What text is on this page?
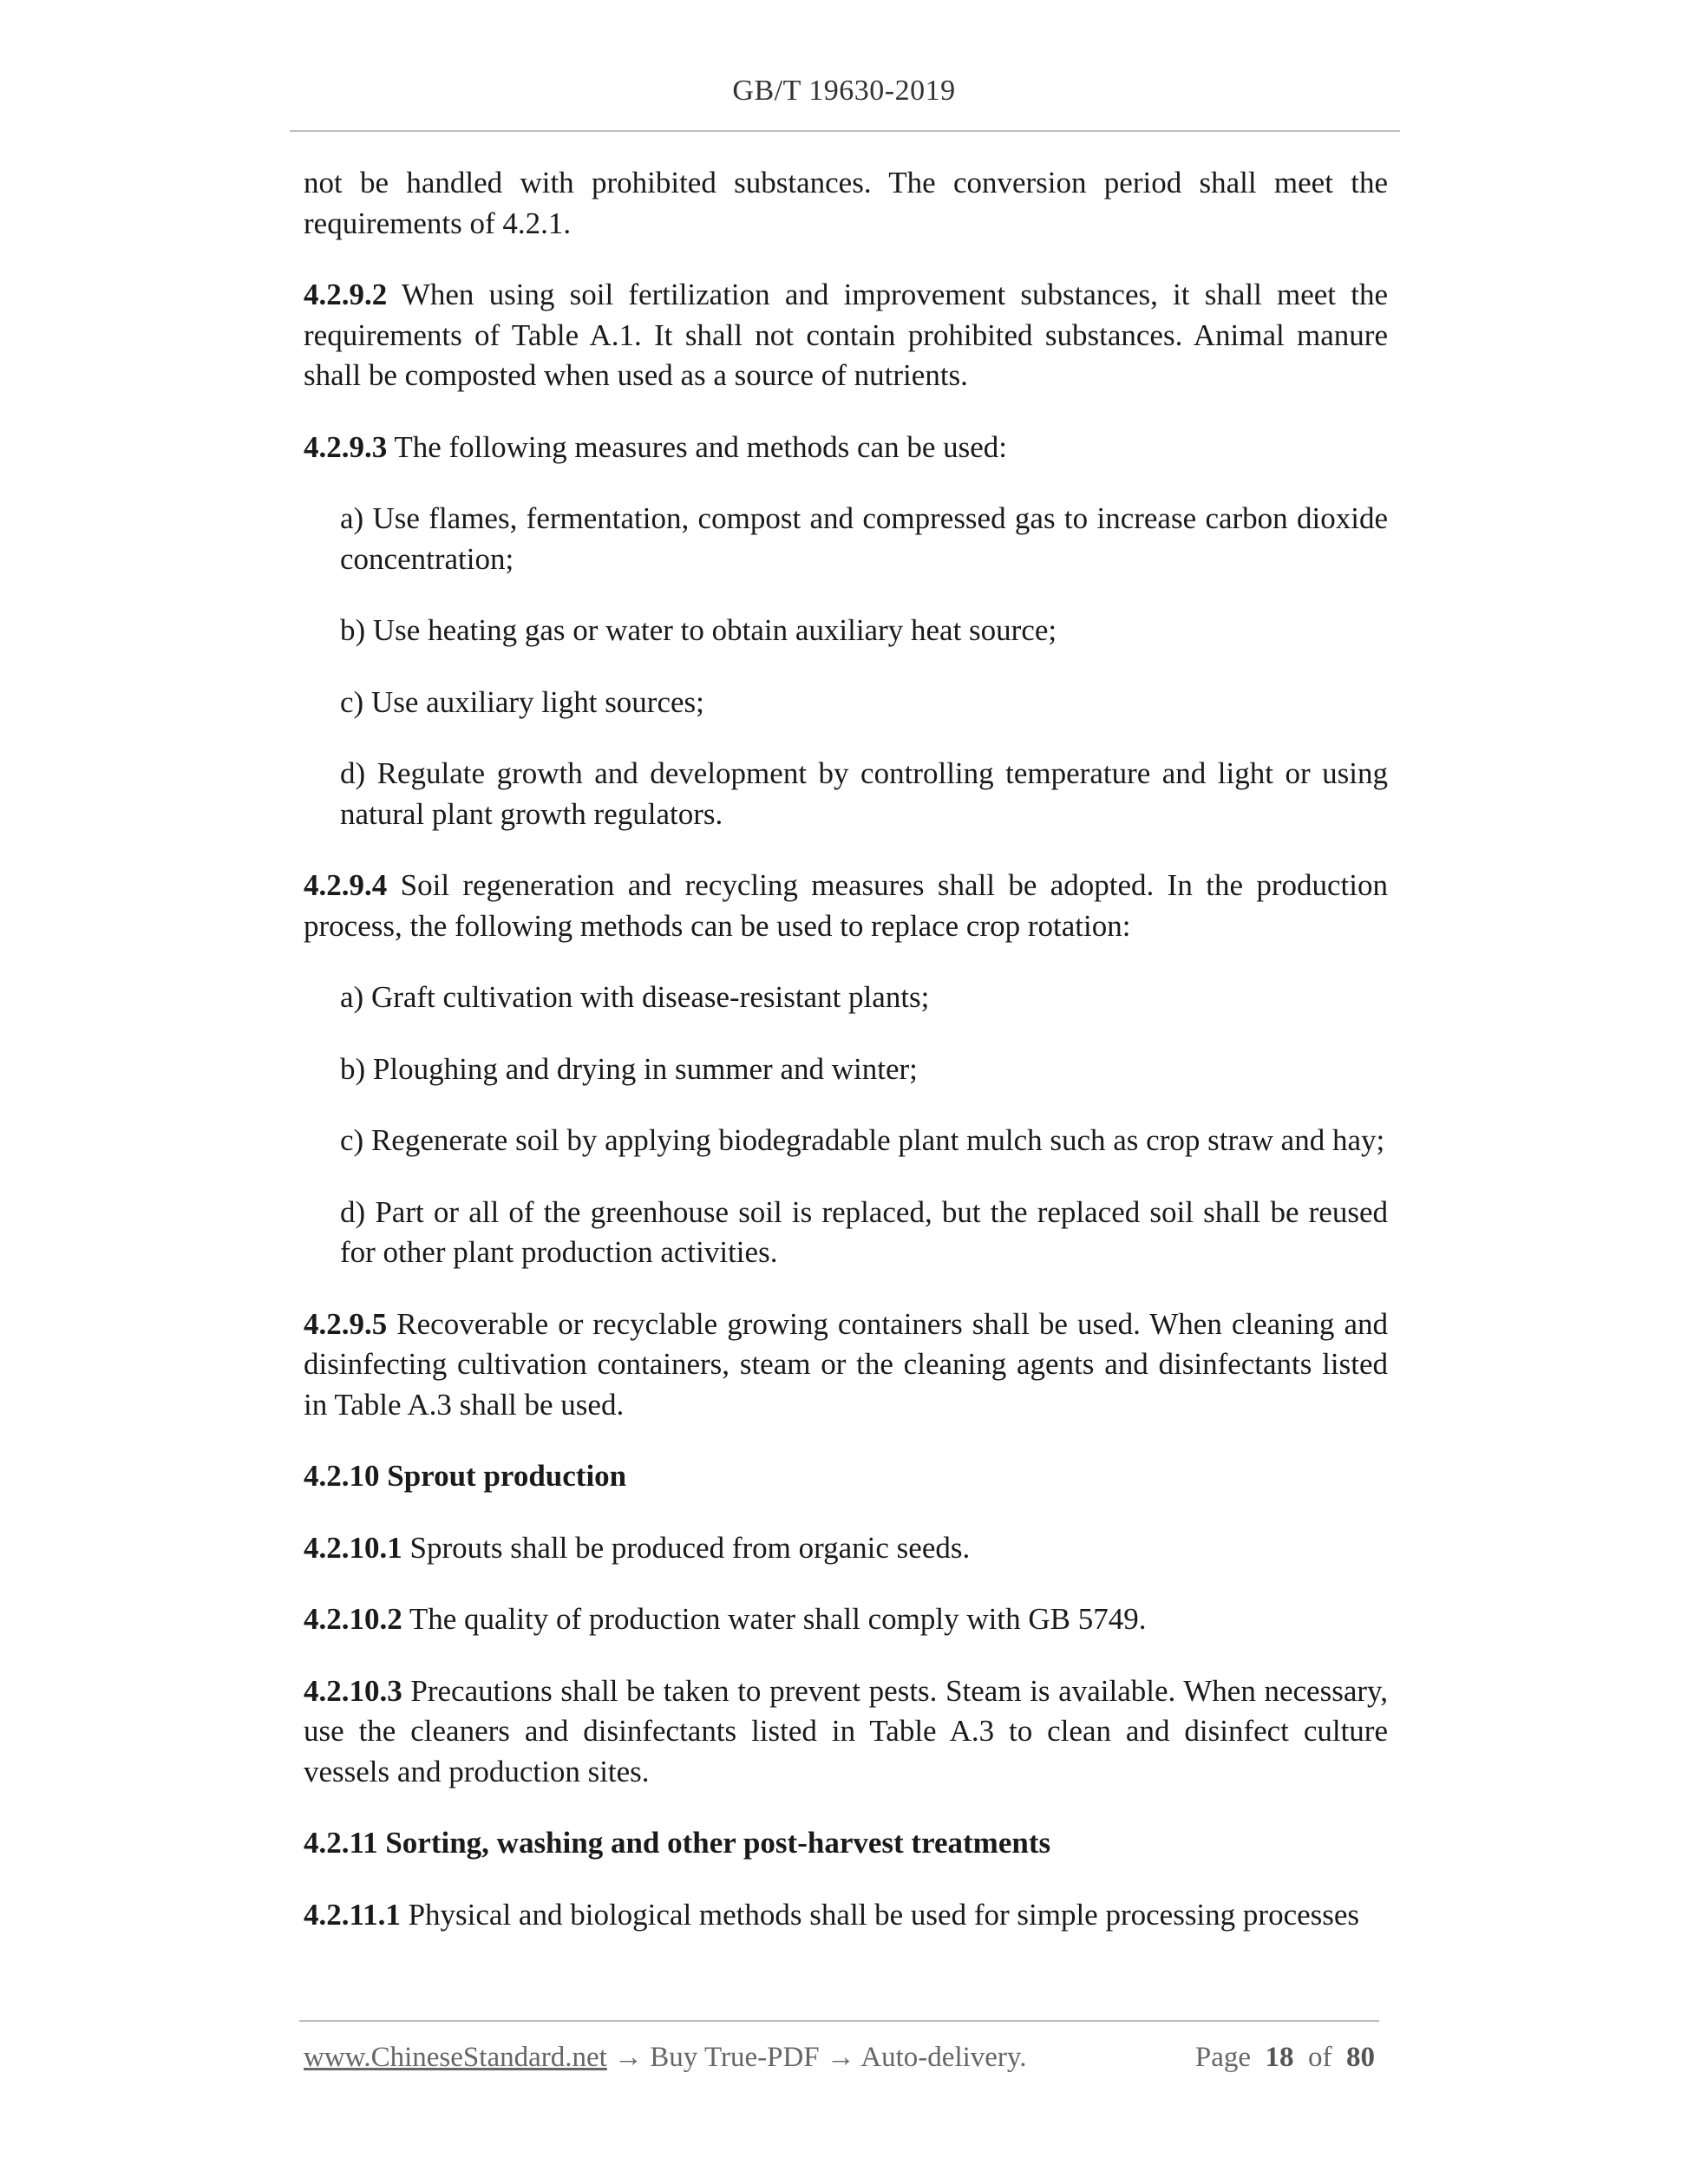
GB/T 19630-2019

not be handled with prohibited substances. The conversion period shall meet the requirements of 4.2.1.

4.2.9.2 When using soil fertilization and improvement substances, it shall meet the requirements of Table A.1. It shall not contain prohibited substances. Animal manure shall be composted when used as a source of nutrients.

4.2.9.3 The following measures and methods can be used:

a) Use flames, fermentation, compost and compressed gas to increase carbon dioxide concentration;

b) Use heating gas or water to obtain auxiliary heat source;

c) Use auxiliary light sources;

d) Regulate growth and development by controlling temperature and light or using natural plant growth regulators.

4.2.9.4 Soil regeneration and recycling measures shall be adopted. In the production process, the following methods can be used to replace crop rotation:

a) Graft cultivation with disease-resistant plants;

b) Ploughing and drying in summer and winter;

c) Regenerate soil by applying biodegradable plant mulch such as crop straw and hay;

d) Part or all of the greenhouse soil is replaced, but the replaced soil shall be reused for other plant production activities.

4.2.9.5 Recoverable or recyclable growing containers shall be used. When cleaning and disinfecting cultivation containers, steam or the cleaning agents and disinfectants listed in Table A.3 shall be used.

4.2.10 Sprout production

4.2.10.1 Sprouts shall be produced from organic seeds.

4.2.10.2 The quality of production water shall comply with GB 5749.

4.2.10.3 Precautions shall be taken to prevent pests. Steam is available. When necessary, use the cleaners and disinfectants listed in Table A.3 to clean and disinfect culture vessels and production sites.

4.2.11 Sorting, washing and other post-harvest treatments

4.2.11.1 Physical and biological methods shall be used for simple processing processes

www.ChineseStandard.net → Buy True-PDF → Auto-delivery.	Page 18 of 80
